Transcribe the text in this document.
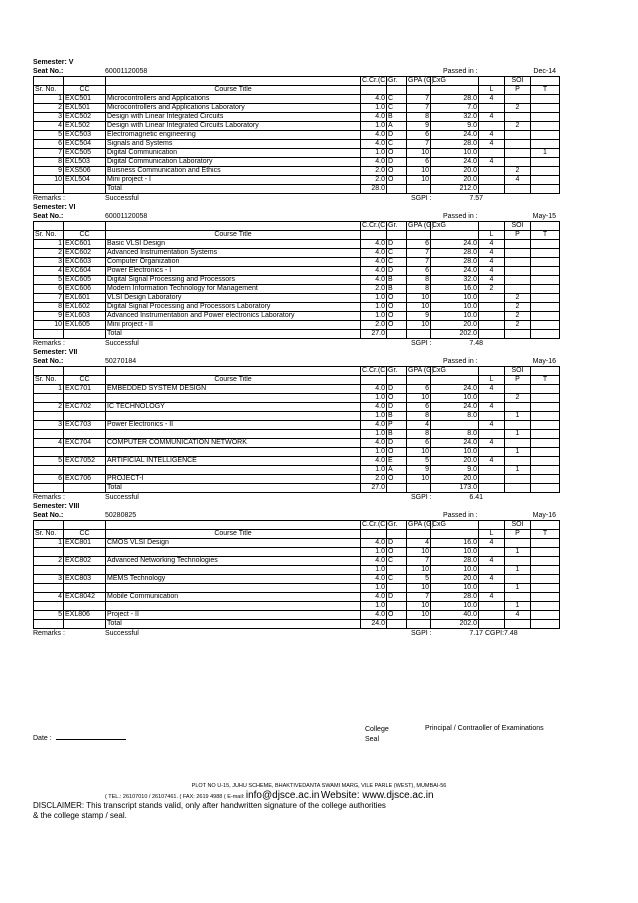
Semester: V
Seat No.:	60001120058	Passed in :	Dec-14
			C.Cr.(C)	Gr.	GPA (G)	CxG		SOI	
Sr. No.	CC	Course Title					L	P	T
1	EXC501	Microcontrollers and Applications	4.0	C	7	28.0	4		
2	EXL501	Microcontrollers and Applications Laboratory	1.0	C	7	7.0		2	
3	EXC502	Design with Linear Integrated Circuits	4.0	B	8	32.0	4		
4	EXL502	Design with Linear Integrated Circuits Laboratory	1.0	A	9	9.0		2	
5	EXC503	Electromagnetic engineering	4.0	D	6	24.0	4		
6	EXC504	Signals and Systems	4.0	C	7	28.0	4		
7	EXC505	Digital Communication	1.0	O	10	10.0			1
8	EXL503	Digital Communication Laboratory	4.0	D	6	24.0	4		
9	EXS506	Buisness Communication and Ethics	2.0	O	10	20.0		2	
10	EXL504	Mini project - I	2.0	O	10	20.0		4	
		Total	28.0			212.0			
Remarks :	Successful	SGPI :	7.57
Semester: VI
Seat No.:	60001120058	Passed in :	May-15
			C.Cr.(C)	Gr.	GPA (G)	CxG		SOI	
Sr. No.	CC	Course Title					L	P	T
1	EXC601	Basic VLSI Design	4.0	D	6	24.0	4		
2	EXC602	Advanced Instrumentation Systems	4.0	C	7	28.0	4		
3	EXC603	Computer Organization	4.0	C	7	28.0	4		
4	EXC604	Power Electronics - I	4.0	D	6	24.0	4		
5	EXC605	Digital Signal Processing and Processors	4.0	B	8	32.0	4		
6	EXC606	Modern Information Technology for Management	2.0	B	8	16.0	2		
7	EXL601	VLSI Design Laboratory	1.0	O	10	10.0		2	
8	EXL602	Digital Signal Processing and Processors Laboratory	1.0	O	10	10.0		2	
9	EXL603	Advanced Instrumentation and Power electronics Laboratory	1.0	O	9	10.0		2	
10	EXL605	Mini project - II	2.0	O	10	20.0		2	
		Total	27.0			202.0			
Remarks :	Successful	SGPI :	7.48
Semester: VII
Seat No.:	50270184	Passed in :	May-16
			C.Cr.(C)	Gr.	GPA (G)	CxG		SOI	
Sr. No.	CC	Course Title					L	P	T
1	EXC701	EMBEDDED SYSTEM DESIGN	4.0	D	6	24.0	4		
			1.0	O	10	10.0		2	
2	EXC702	IC TECHNOLOGY	4.0	D	6	24.0	4		
			1.0	B	8	8.0		1	
3	EXC703	Power Electronics - II	4.0	P	4		4		
			1.0	B	8	8.0		1	
4	EXC704	COMPUTER COMMUNICATION NETWORK	4.0	D	6	24.0	4		
			1.0	O	10	10.0		1	
5	EXC7052	ARTIFICIAL INTELLIGENCE	4.0	E	5	20.0	4		
			1.0	A	9	9.0		1	
6	EXC706	PROJECT-I	2.0	O	10	20.0			
		Total	27.0			173.0			
Remarks :	Successful	SGPI :	6.41
Semester: VIII
Seat No.:	50280825	Passed in :	May-16
			C.Cr.(C)	Gr.	GPA (G)	CxG		SOI	
Sr. No.	CC	Course Title					L	P	T
1	EXC801	CMOS VLSI Design	4.0	D	4	16.0	4		
			1.0	O	10	10.0		1	
2	EXC802	Advanced Networking Technologies	4.0	C	7	28.0	4		
			1.0		10	10.0		1	
3	EXC803	MEMS Technology	4.0	C	5	20.0	4		
			1.0		10	10.0		1	
4	EXC8042	Mobile Communication	4.0	D	7	28.0	4		
			1.0		10	10.0		1	
5	EXL806	Project - II	4.0	O	10	40.0		4	
		Total	24.0			202.0			
Remarks :	Successful	SGPI :	7.17 CGPI:7.48
College
Seal
Principal / Contraoller of Examinations
Date :
PLOT NO U-15, JUHU SCHEME, BHAKTIVEDANTA SWAMI MARG, VILE PARLE (WEST), MUMBAI-56
( TEL.: 26107010 / 26107461. ( FAX: 2619 4988 ( E-mail: info@djsce.ac.in Website: www.djsce.ac.in
DISCLAIMER: This transcript stands valid, only after handwritten signature of the college authorities
& the college stamp / seal.
